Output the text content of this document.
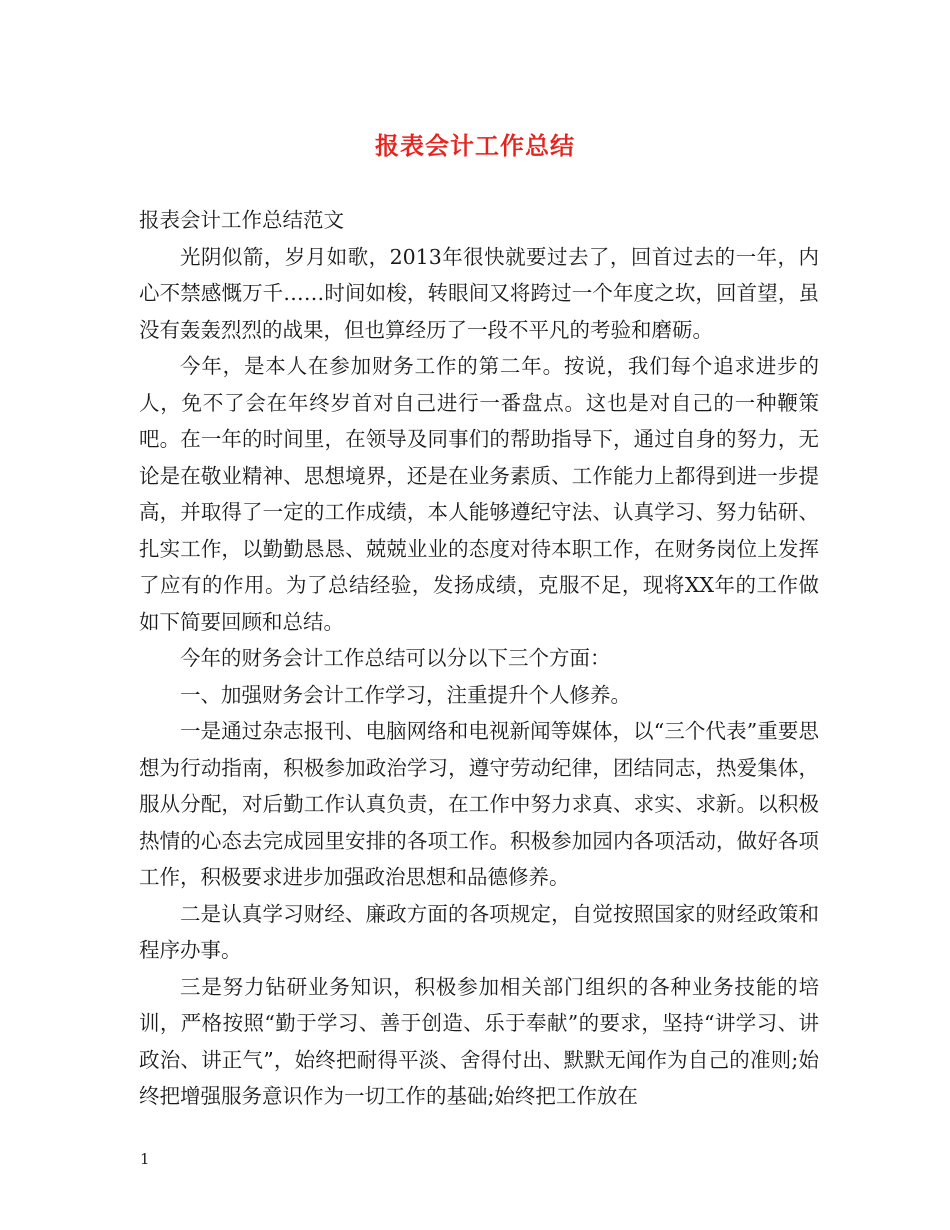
报表会计工作总结

报表会计工作总结范文

光阴似箭，岁月如歌，2013年很快就要过去了，回首过去的一年，内心不禁感慨万千……时间如梭，转眼间又将跨过一个年度之坎，回首望，虽没有轰轰烈烈的战果，但也算经历了一段不平凡的考验和磨砺。

今年，是本人在参加财务工作的第二年。按说，我们每个追求进步的人，免不了会在年终岁首对自己进行一番盘点。这也是对自己的一种鞭策吧。在一年的时间里，在领导及同事们的帮助指导下，通过自身的努力，无论是在敬业精神、思想境界，还是在业务素质、工作能力上都得到进一步提高，并取得了一定的工作成绩，本人能够遵纪守法、认真学习、努力钻研、扎实工作，以勤勤恳恳、兢兢业业的态度对待本职工作，在财务岗位上发挥了应有的作用。为了总结经验，发扬成绩，克服不足，现将XX年的工作做如下简要回顾和总结。

今年的财务会计工作总结可以分以下三个方面：

一、加强财务会计工作学习，注重提升个人修养。

一是通过杂志报刊、电脑网络和电视新闻等媒体，以“三个代表”重要思想为行动指南，积极参加政治学习，遵守劳动纪律，团结同志，热爱集体，服从分配，对后勤工作认真负责，在工作中努力求真、求实、求新。以积极热情的心态去完成园里安排的各项工作。积极参加园内各项活动，做好各项工作，积极要求进步加强政治思想和品德修养。

二是认真学习财经、廉政方面的各项规定，自觉按照国家的财经政策和程序办事。

三是努力钻研业务知识，积极参加相关部门组织的各种业务技能的培训，严格按照“勤于学习、善于创造、乐于奉献”的要求，坚持“讲学习、讲政治、讲正气”，始终把耐得平淡、舍得付出、默默无闻作为自己的准则;始终把增强服务意识作为一切工作的基础;始终把工作放在

1
